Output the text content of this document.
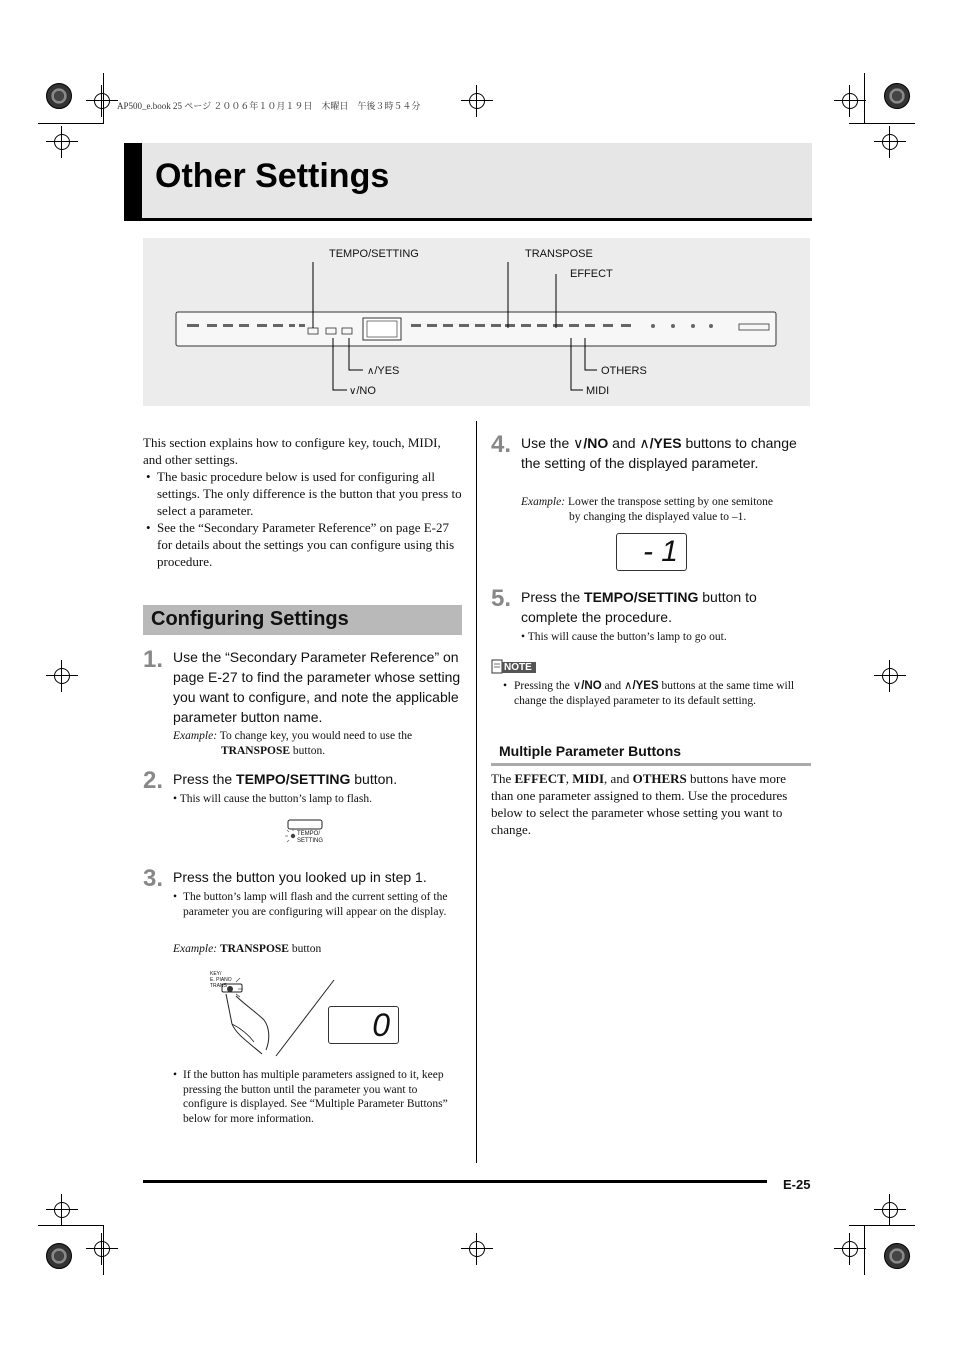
AP500_e.book 25 ページ ２００６年１０月１９日　木曜日　午後３時５４分
Other Settings
TEMPO/SETTING	TRANSPOSE
EFFECT
∧/YES
∨/NO
OTHERS
MIDI
This section explains how to configure key, touch, MIDI, and other settings.
• The basic procedure below is used for configuring all settings. The only difference is the button that you press to select a parameter.
• See the “Secondary Parameter Reference” on page E-27 for details about the settings you can configure using this procedure.
Configuring Settings
1. Use the “Secondary Parameter Reference” on page E-27 to find the parameter whose setting you want to configure, and note the applicable parameter button name.
Example: To change key, you would need to use the
TRANSPOSE button.
2. Press the TEMPO/SETTING button.
• This will cause the button’s lamp to flash.
TEMPO/
SETTING
3. Press the button you looked up in step 1.
• The button’s lamp will flash and the current setting of the parameter you are configuring will appear on the display.
Example: TRANSPOSE button
KEY/
E. PIANO
TRANS
0
• If the button has multiple parameters assigned to it, keep pressing the button until the parameter you want to configure is displayed. See “Multiple Parameter Buttons” below for more information.
4. Use the ∨/NO and ∧/YES buttons to change the setting of the displayed parameter.
Example: Lower the transpose setting by one semitone
by changing the displayed value to –1.
- 1
5. Press the TEMPO/SETTING button to complete the procedure.
• This will cause the button’s lamp to go out.
NOTE
• Pressing the ∨/NO and ∧/YES buttons at the same time will change the displayed parameter to its default setting.
Multiple Parameter Buttons
The EFFECT, MIDI, and OTHERS buttons have more than one parameter assigned to them. Use the procedures below to select the parameter whose setting you want to change.
E-25
